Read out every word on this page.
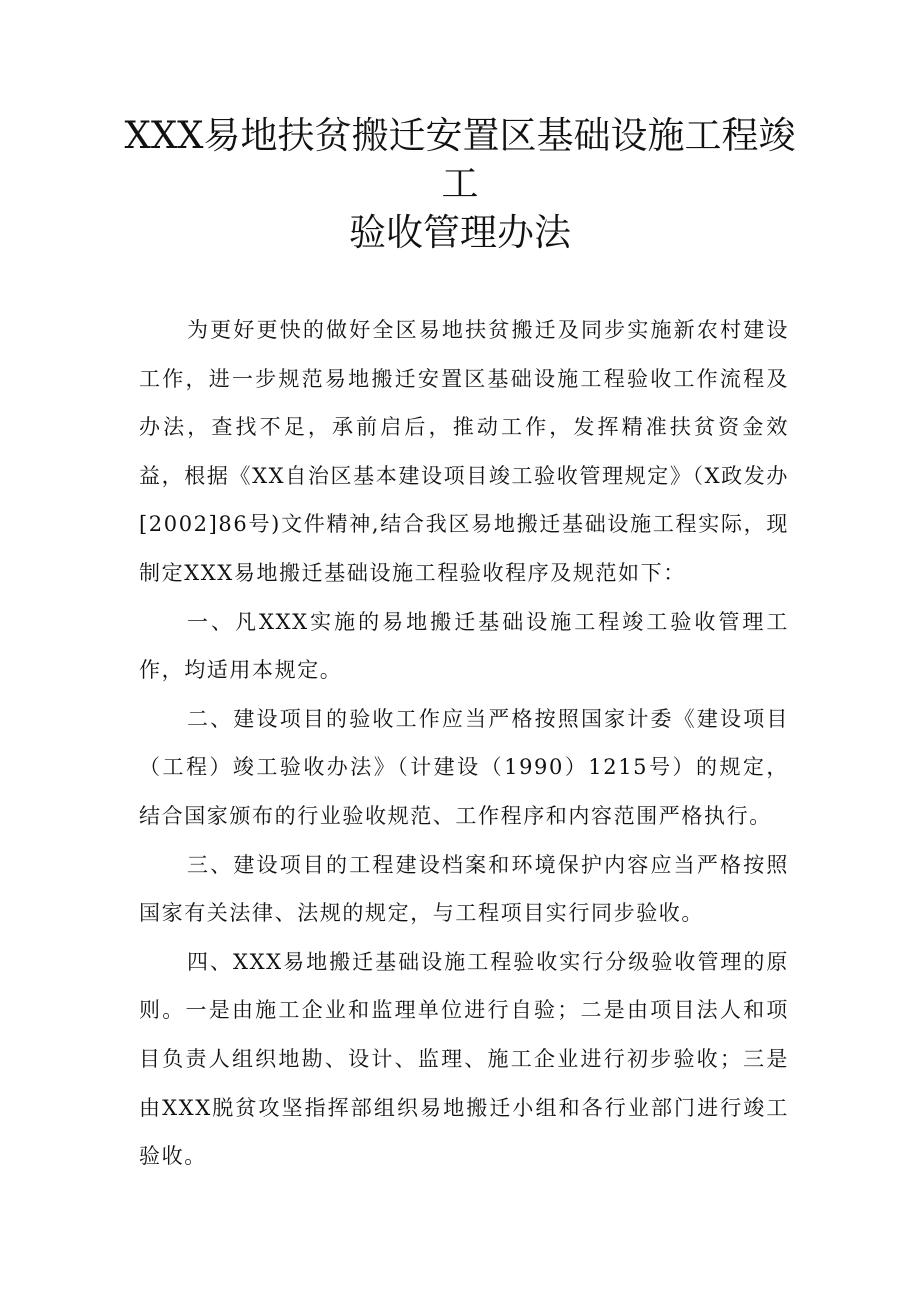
XXX易地扶贫搬迁安置区基础设施工程竣
工
验收管理办法

为更好更快的做好全区易地扶贫搬迁及同步实施新农村建设工作，进一步规范易地搬迁安置区基础设施工程验收工作流程及办法，查找不足，承前启后，推动工作，发挥精准扶贫资金效益，根据《XX自治区基本建设项目竣工验收管理规定》（X政发办[2002]86号)文件精神,结合我区易地搬迁基础设施工程实际，现制定XXX易地搬迁基础设施工程验收程序及规范如下：

一、凡XXX实施的易地搬迁基础设施工程竣工验收管理工作，均适用本规定。

二、建设项目的验收工作应当严格按照国家计委《建设项目（工程）竣工验收办法》（计建设（1990）1215号）的规定，结合国家颁布的行业验收规范、工作程序和内容范围严格执行。

三、建设项目的工程建设档案和环境保护内容应当严格按照国家有关法律、法规的规定，与工程项目实行同步验收。

四、XXX易地搬迁基础设施工程验收实行分级验收管理的原则。一是由施工企业和监理单位进行自验；二是由项目法人和项目负责人组织地勘、设计、监理、施工企业进行初步验收；三是由XXX脱贫攻坚指挥部组织易地搬迁小组和各行业部门进行竣工验收。
